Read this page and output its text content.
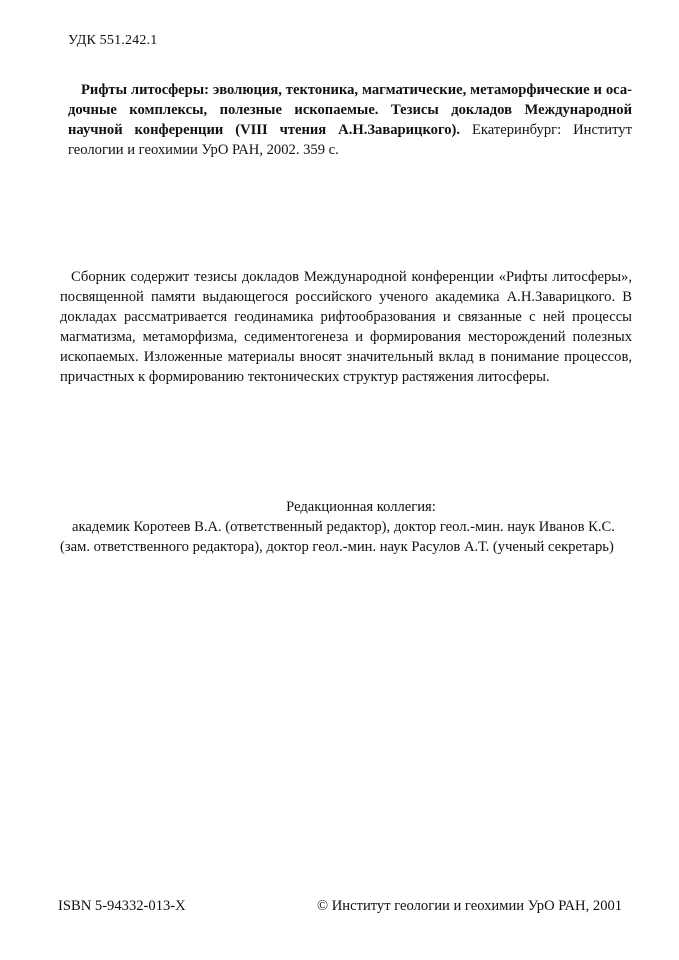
УДК 551.242.1
Рифты литосферы: эволюция, тектоника, магматические, метаморфические и осадочные комплексы, полезные ископаемые. Тезисы докладов Международной научной конференции (VIII чтения А.Н.Заварицкого). Екатеринбург: Институт геологии и геохимии УрО РАН, 2002. 359 с.
Сборник содержит тезисы докладов Международной конференции «Рифты литосферы», посвященной памяти выдающегося российского ученого академика А.Н.Заварицкого. В докладах рассматривается геодинамика рифтообразования и связанные с ней процессы магматизма, метаморфизма, седиментогенеза и формирования месторождений полезных ископаемых. Изложенные материалы вносят значительный вклад в понимание процессов, причастных к формированию тектонических структур растяжения литосферы.
Редакционная коллегия:
академик Коротеев В.А. (ответственный редактор), доктор геол.-мин. наук Иванов К.С.(зам. ответственного редактора), доктор геол.-мин. наук Расулов А.Т. (ученый секретарь)
ISBN 5-94332-013-X	© Институт геологии и геохимии УрО РАН, 2001
